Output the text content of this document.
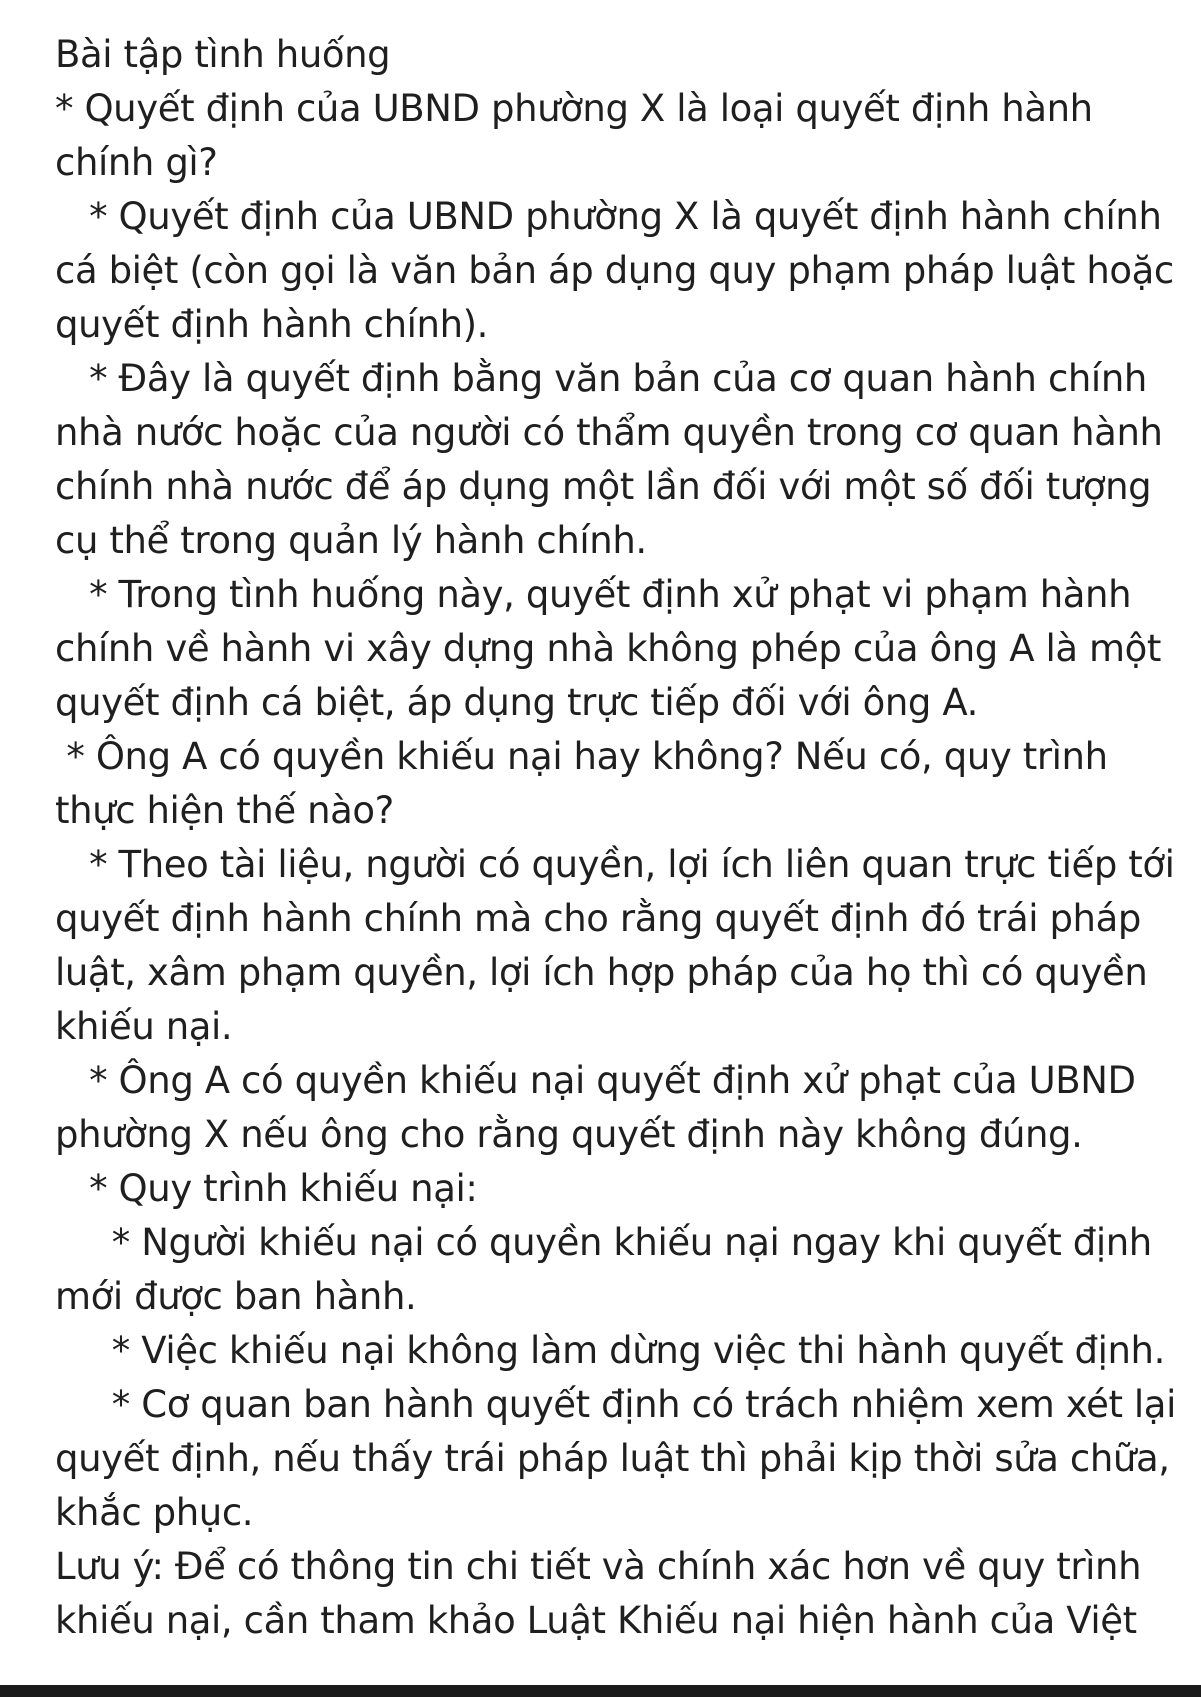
Bài tập tình huống
* Quyết định của UBND phường X là loại quyết định hành
chính gì?
* Quyết định của UBND phường X là quyết định hành chính
cá biệt (còn gọi là văn bản áp dụng quy phạm pháp luật hoặc
quyết định hành chính).
* Đây là quyết định bằng văn bản của cơ quan hành chính
nhà nước hoặc của người có thẩm quyền trong cơ quan hành
chính nhà nước để áp dụng một lần đối với một số đối tượng
cụ thể trong quản lý hành chính.
* Trong tình huống này, quyết định xử phạt vi phạm hành
chính về hành vi xây dựng nhà không phép của ông A là một
quyết định cá biệt, áp dụng trực tiếp đối với ông A.
* Ông A có quyền khiếu nại hay không? Nếu có, quy trình
thực hiện thế nào?
* Theo tài liệu, người có quyền, lợi ích liên quan trực tiếp tới
quyết định hành chính mà cho rằng quyết định đó trái pháp
luật, xâm phạm quyền, lợi ích hợp pháp của họ thì có quyền
khiếu nại.
* Ông A có quyền khiếu nại quyết định xử phạt của UBND
phường X nếu ông cho rằng quyết định này không đúng.
* Quy trình khiếu nại:
* Người khiếu nại có quyền khiếu nại ngay khi quyết định
mới được ban hành.
* Việc khiếu nại không làm dừng việc thi hành quyết định.
* Cơ quan ban hành quyết định có trách nhiệm xem xét lại
quyết định, nếu thấy trái pháp luật thì phải kịp thời sửa chữa,
khắc phục.
Lưu ý: Để có thông tin chi tiết và chính xác hơn về quy trình
khiếu nại, cần tham khảo Luật Khiếu nại hiện hành của Việt
